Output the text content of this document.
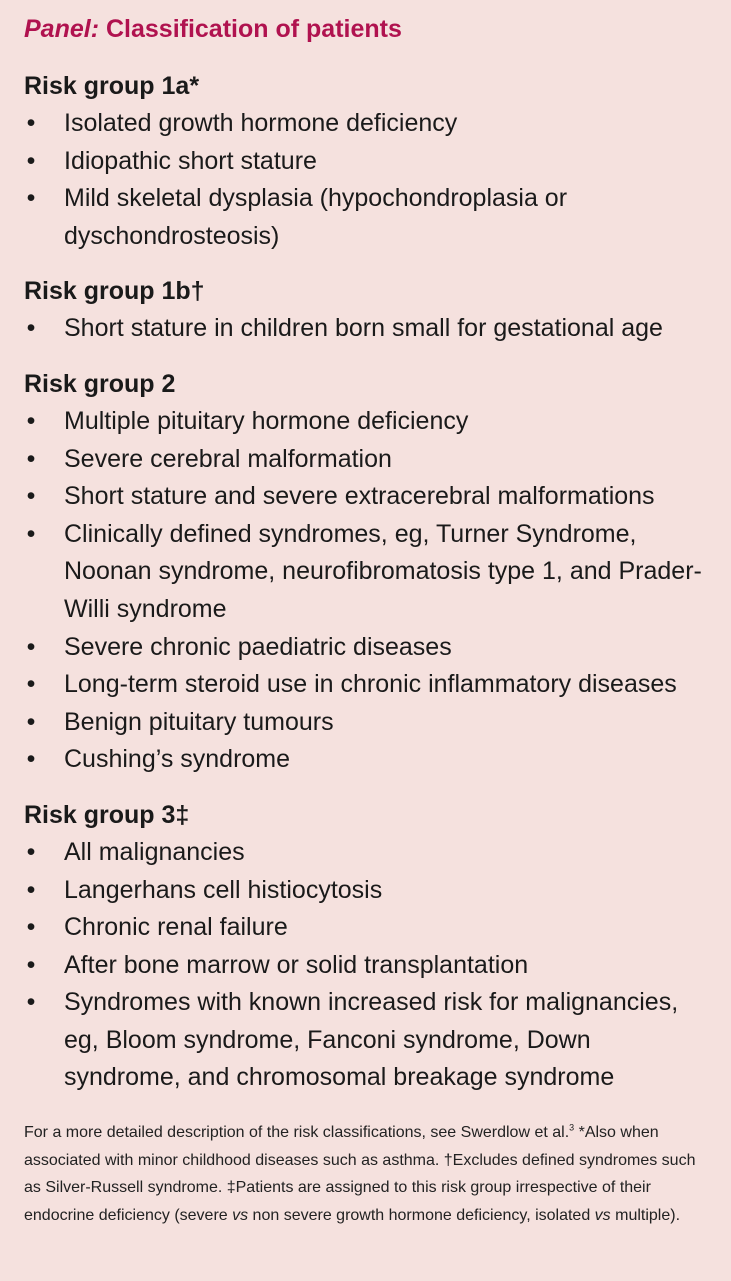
Panel: Classification of patients
Risk group 1a*
• Isolated growth hormone deficiency
• Idiopathic short stature
• Mild skeletal dysplasia (hypochondroplasia or dyschondrosteosis)
Risk group 1b†
• Short stature in children born small for gestational age
Risk group 2
• Multiple pituitary hormone deficiency
• Severe cerebral malformation
• Short stature and severe extracerebral malformations
• Clinically defined syndromes, eg, Turner Syndrome, Noonan syndrome, neurofibromatosis type 1, and Prader-Willi syndrome
• Severe chronic paediatric diseases
• Long-term steroid use in chronic inflammatory diseases
• Benign pituitary tumours
• Cushing’s syndrome
Risk group 3‡
• All malignancies
• Langerhans cell histiocytosis
• Chronic renal failure
• After bone marrow or solid transplantation
• Syndromes with known increased risk for malignancies, eg, Bloom syndrome, Fanconi syndrome, Down syndrome, and chromosomal breakage syndrome
For a more detailed description of the risk classifications, see Swerdlow et al.$^3$ *Also when associated with minor childhood diseases such as asthma. †Excludes defined syndromes such as Silver-Russell syndrome. ‡Patients are assigned to this risk group irrespective of their endocrine deficiency (severe vs non severe growth hormone deficiency, isolated vs multiple).
